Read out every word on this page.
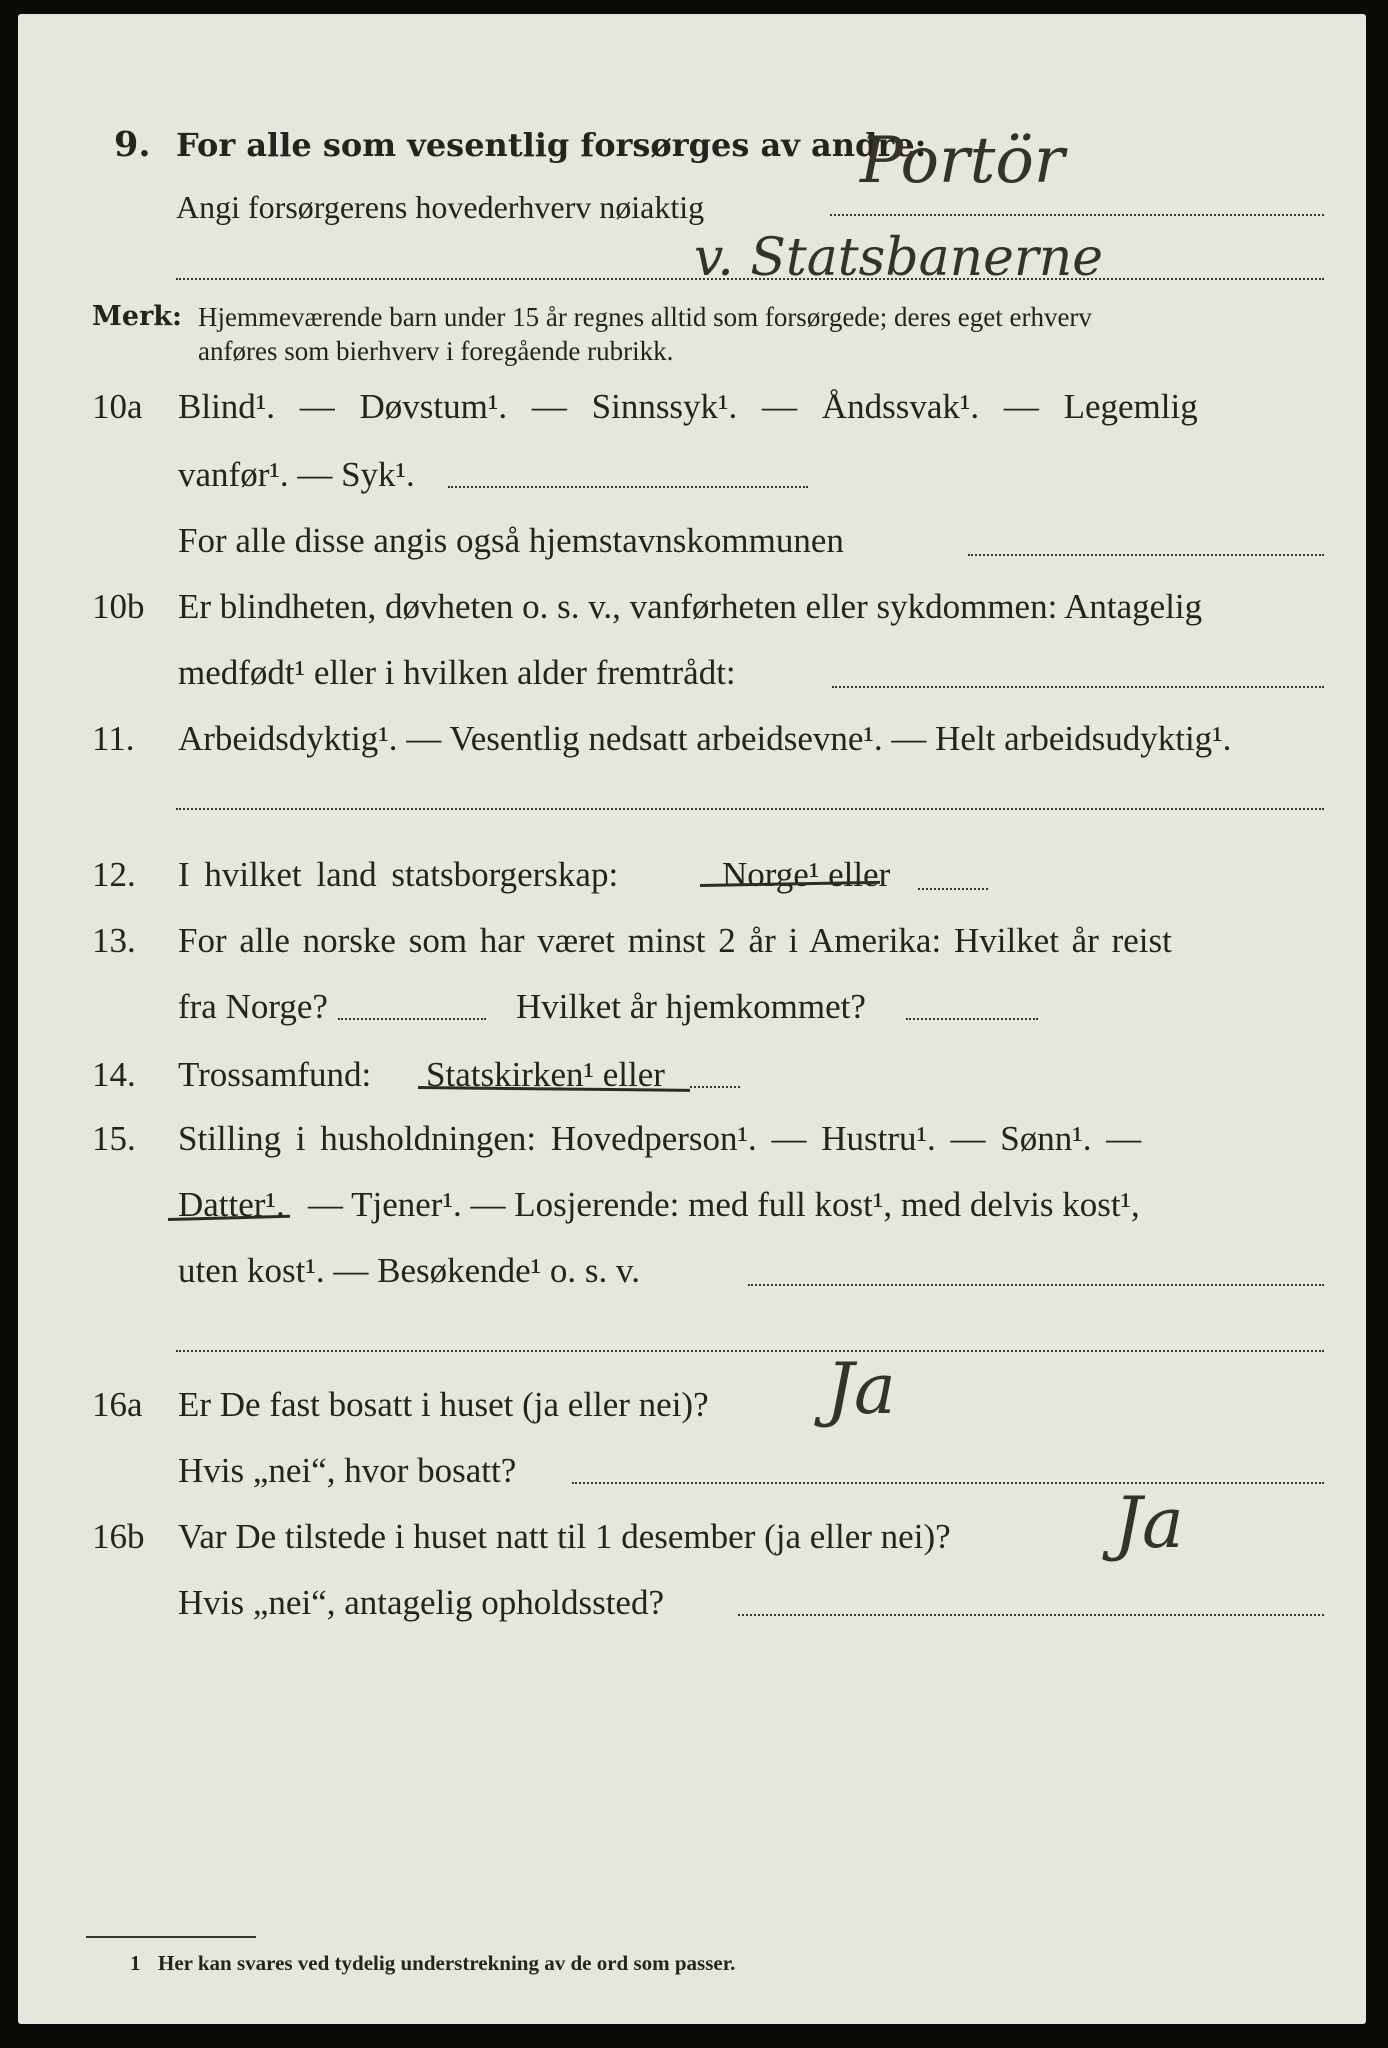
9. For alle som vesentlig forsørges av andre:
Angi forsørgerens hovederhverv nøiaktig
Portör
v. Statsbanerne
Merk: Hjemmeværende barn under 15 år regnes alltid som forsørgede; deres eget erhverv
anføres som bierhverv i foregående rubrikk.
10a Blind¹. — Døvstum¹. — Sinnssyk¹. — Åndssvak¹. — Legemlig
vanfør¹. — Syk¹.
For alle disse angis også hjemstavnskommunen
10b Er blindheten, døvheten o. s. v., vanførheten eller sykdommen: Antagelig
medfødt¹ eller i hvilken alder fremtrådt:
11. Arbeidsdyktig¹. — Vesentlig nedsatt arbeidsevne¹. — Helt arbeidsudyktig¹.
12. I hvilket land statsborgerskap:	Norge¹ eller
13. For alle norske som har været minst 2 år i Amerika: Hvilket år reist
fra Norge?	Hvilket år hjemkommet?
14. Trossamfund: Statskirken¹ eller
15. Stilling i husholdningen: Hovedperson¹. — Hustru¹. — Sønn¹. —
Datter¹. — Tjener¹. — Losjerende: med full kost¹, med delvis kost¹,
uten kost¹. — Besøkende¹ o. s. v.
16a Er De fast bosatt i huset (ja eller nei)? Ja
Hvis „nei“, hvor bosatt?
16b Var De tilstede i huset natt til 1 desember (ja eller nei)? Ja
Hvis „nei“, antagelig opholdssted?
1 Her kan svares ved tydelig understrekning av de ord som passer.
